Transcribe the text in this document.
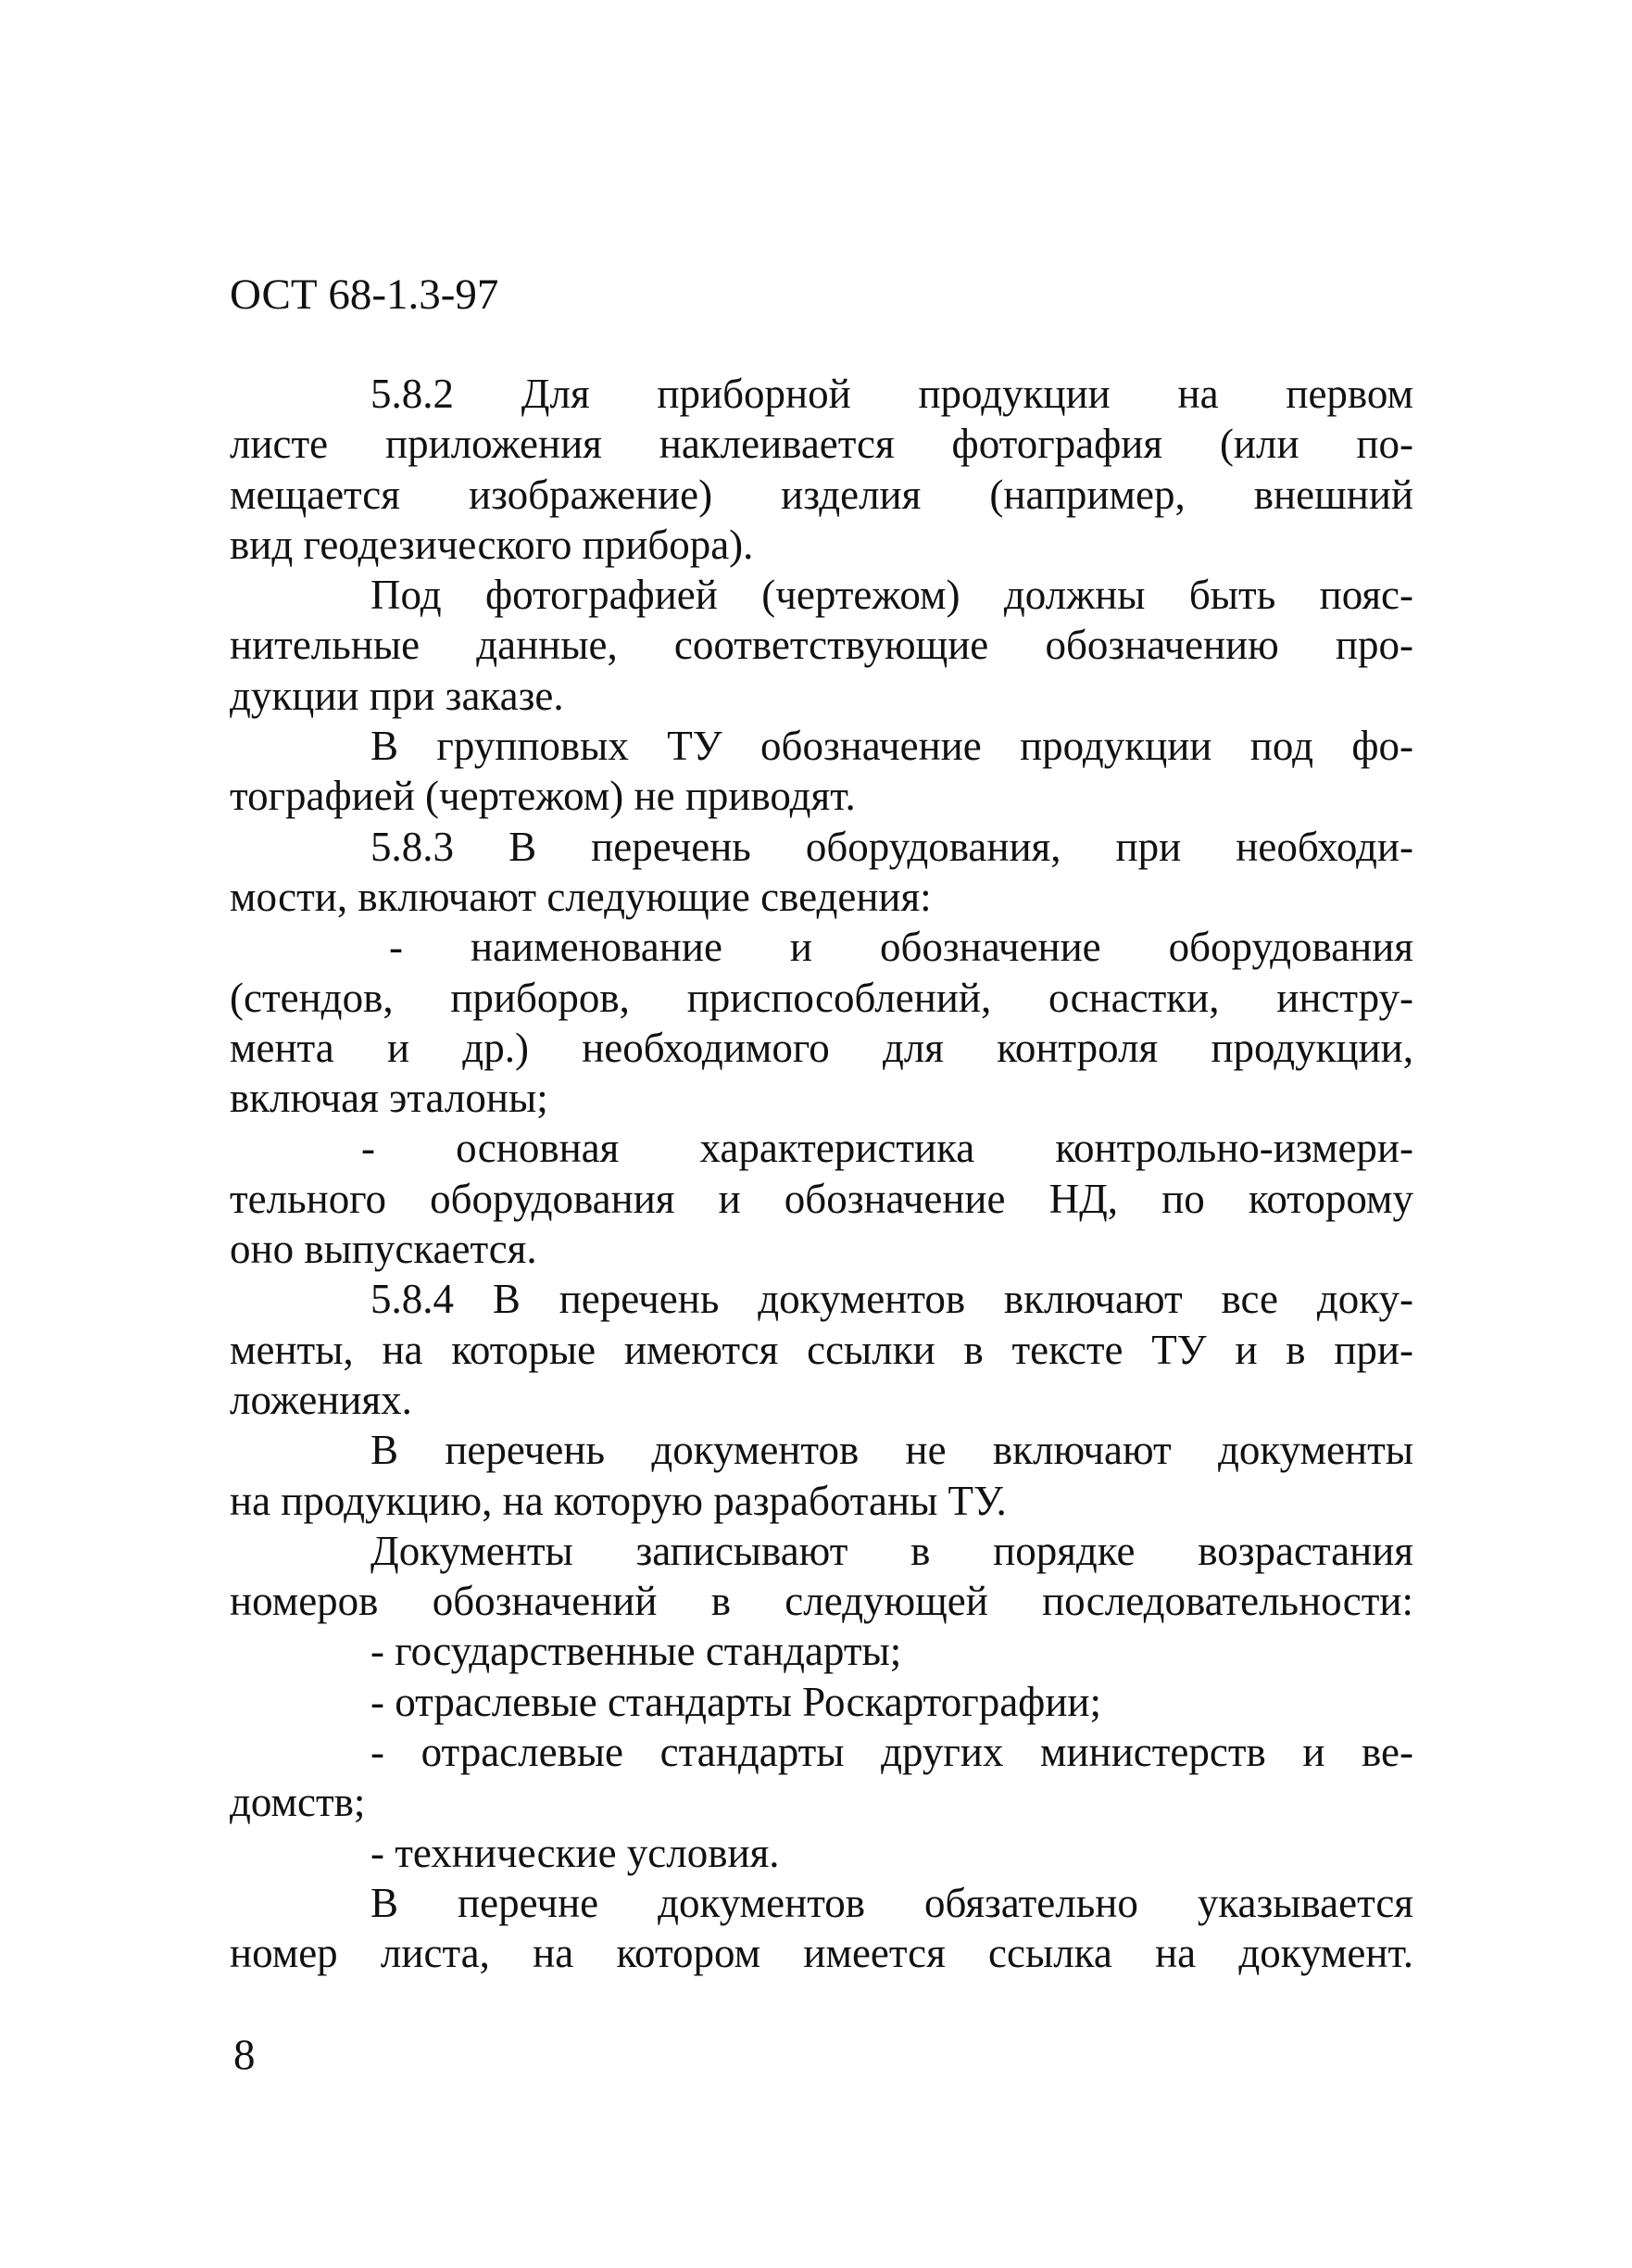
ОСТ 68-1.3-97
5.8.2 Для приборной продукции на первом
листе приложения наклеивается фотография (или по-
мещается изображение) изделия (например, внешний
вид геодезического прибора).
Под фотографией (чертежом) должны быть пояс-
нительные данные, соответствующие обозначению про-
дукции при заказе.
В групповых ТУ обозначение продукции под фо-
тографией (чертежом) не приводят.
5.8.3 В перечень оборудования, при необходи-
мости, включают следующие сведения:
- наименование и обозначение оборудования
(стендов, приборов, приспособлений, оснастки, инстру-
мента и др.) необходимого для контроля продукции,
включая эталоны;
- основная характеристика контрольно-измери-
тельного оборудования и обозначение НД, по которому
оно выпускается.
5.8.4 В перечень документов включают все доку-
менты, на которые имеются ссылки в тексте ТУ и в при-
ложениях.
В перечень документов не включают документы
на продукцию, на которую разработаны ТУ.
Документы записывают в порядке возрастания
номеров обозначений в следующей последовательности:
- государственные стандарты;
- отраслевые стандарты Роскартографии;
- отраслевые стандарты других министерств и ве-
домств;
- технические условия.
В перечне документов обязательно указывается
номер листа, на котором имеется ссылка на документ.
8
